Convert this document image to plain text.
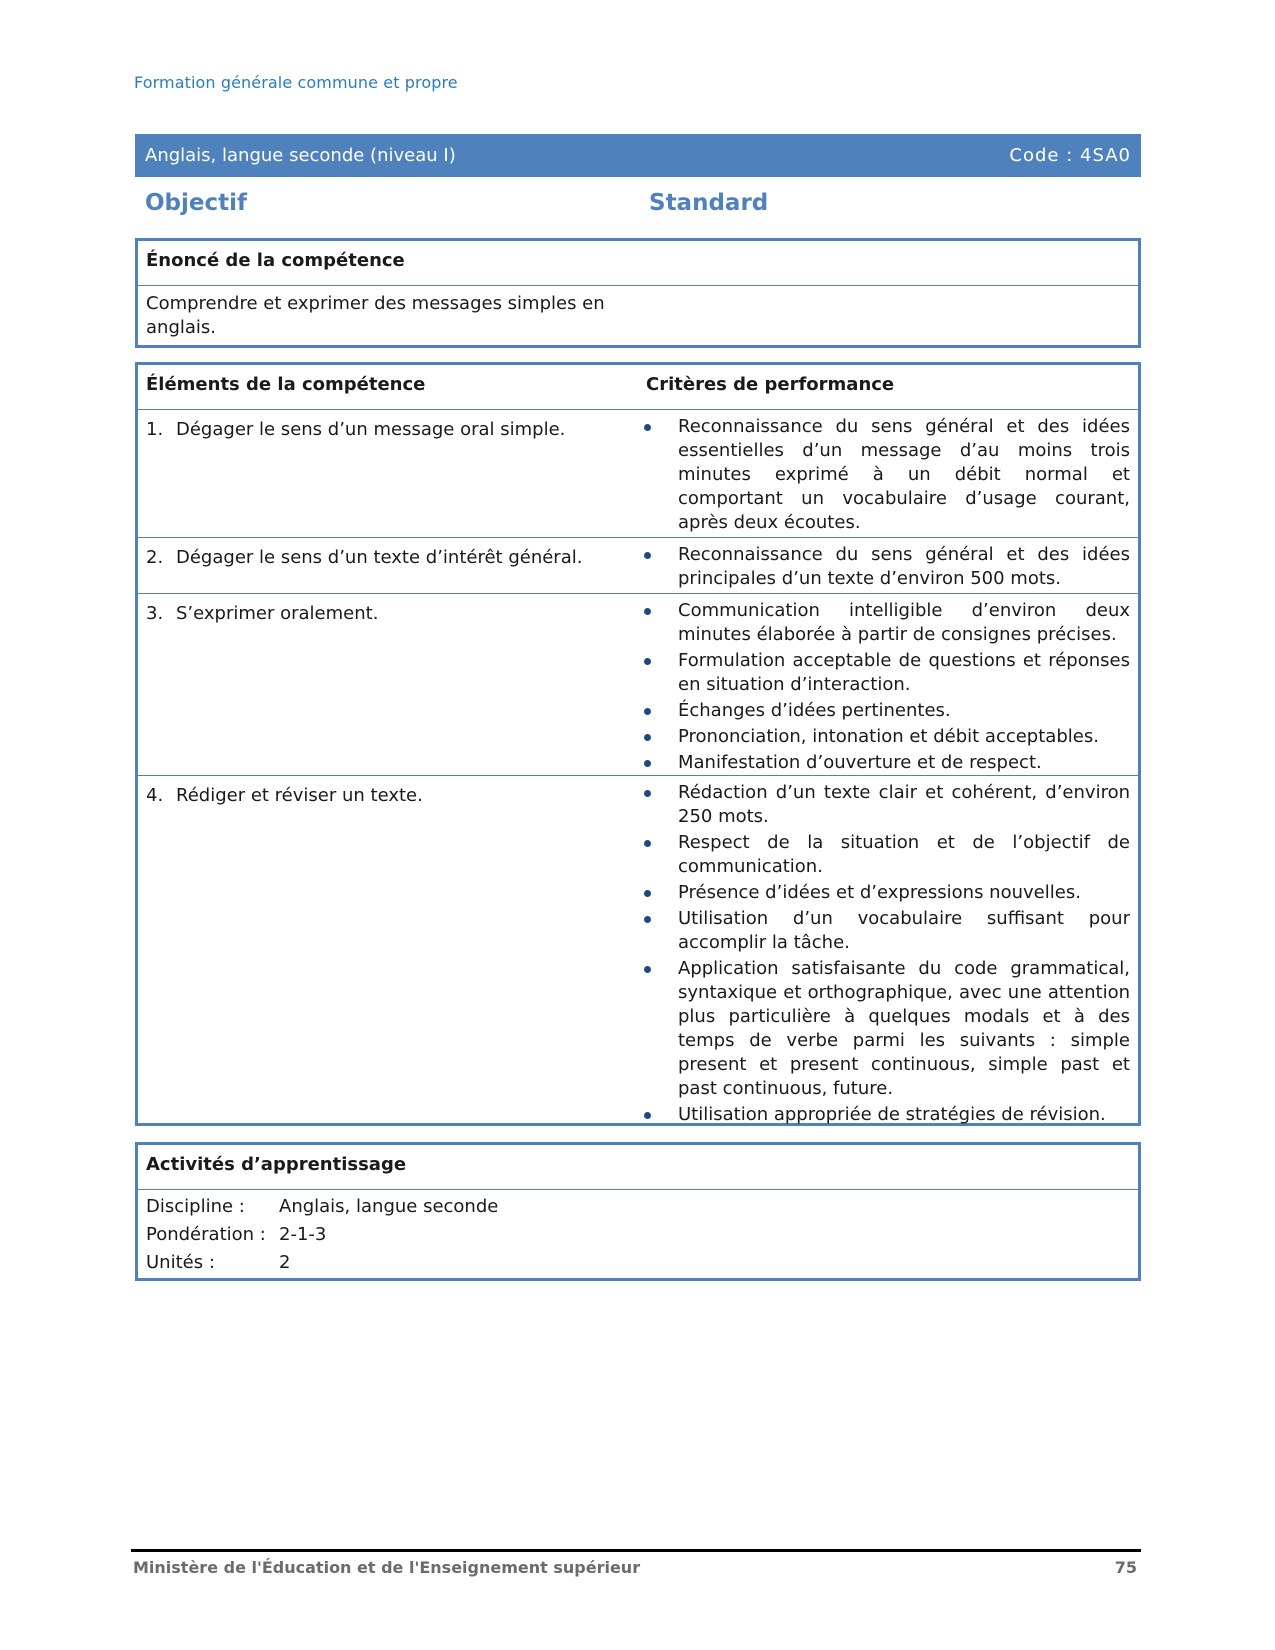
Formation générale commune et propre
Anglais, langue seconde (niveau I)	Code : 4SA0
Objectif	Standard
Énoncé de la compétence
Comprendre et exprimer des messages simples en anglais.
Éléments de la compétence	Critères de performance
1. Dégager le sens d’un message oral simple.	Reconnaissance du sens général et des idées essentielles d’un message d’au moins trois minutes exprimé à un débit normal et comportant un vocabulaire d’usage courant, après deux écoutes.
2. Dégager le sens d’un texte d’intérêt général.	Reconnaissance du sens général et des idées principales d’un texte d’environ 500 mots.
3. S’exprimer oralement.	Communication intelligible d’environ deux minutes élaborée à partir de consignes précises.
Formulation acceptable de questions et réponses en situation d’interaction.
Échanges d’idées pertinentes.
Prononciation, intonation et débit acceptables.
Manifestation d’ouverture et de respect.
4. Rédiger et réviser un texte.	Rédaction d’un texte clair et cohérent, d’environ 250 mots.
Respect de la situation et de l’objectif de communication.
Présence d’idées et d’expressions nouvelles.
Utilisation d’un vocabulaire suffisant pour accomplir la tâche.
Application satisfaisante du code grammatical, syntaxique et orthographique, avec une attention plus particulière à quelques modals et à des temps de verbe parmi les suivants : simple present et present continuous, simple past et past continuous, future.
Utilisation appropriée de stratégies de révision.
Activités d’apprentissage
Discipline :	Anglais, langue seconde
Pondération : 2-1-3
Unités :	2
Ministère de l'Éducation et de l'Enseignement supérieur	75
